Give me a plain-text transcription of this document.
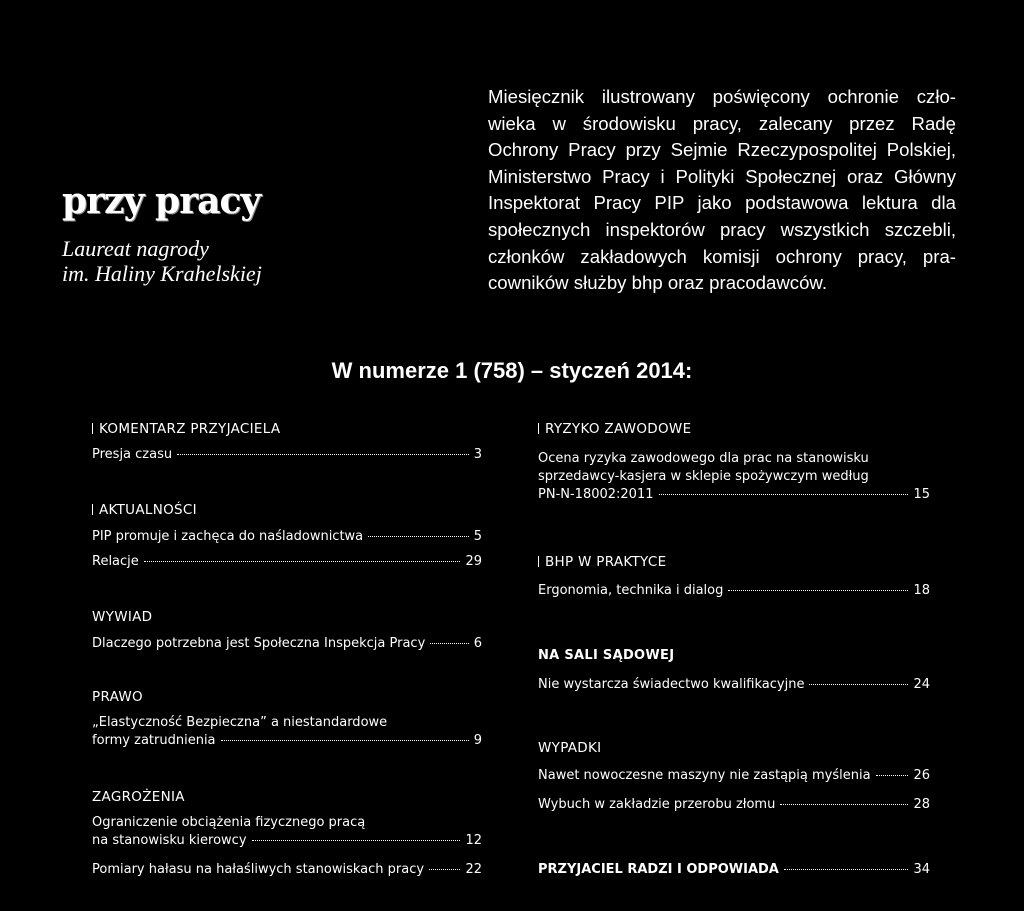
przy pracy
Laureat nagrody
im. Haliny Krahelskiej
Miesięcznik ilustrowany poświęcony ochronie czło-
wieka w środowisku pracy, zalecany przez Radę
Ochrony Pracy przy Sejmie Rzeczypospolitej Polskiej,
Ministerstwo Pracy i Polityki Społecznej oraz Główny
Inspektorat Pracy PIP jako podstawowa lektura dla
społecznych inspektorów pracy wszystkich szczebli,
członków zakładowych komisji ochrony pracy, pra-
cowników służby bhp oraz pracodawców.
W numerze 1 (758) – styczeń 2014:
KOMENTARZ PRZYJACIELA
Presja czasu	3
AKTUALNOŚCI
PIP promuje i zachęca do naśladownictwa	5
Relacje	29
WYWIAD
Dlaczego potrzebna jest Społeczna Inspekcja Pracy	6
PRAWO
„Elastyczność Bezpieczna” a niestandardowe
formy zatrudnienia	9
ZAGROŻENIA
Ograniczenie obciążenia fizycznego pracą
na stanowisku kierowcy	12
Pomiary hałasu na hałaśliwych stanowiskach pracy	22
RYZYKO ZAWODOWE
Ocena ryzyka zawodowego dla prac na stanowisku
sprzedawcy-kasjera w sklepie spożywczym według
PN-N-18002:2011	15
BHP W PRAKTYCE
Ergonomia, technika i dialog	18
NA SALI SĄDOWEJ
Nie wystarcza świadectwo kwalifikacyjne	24
WYPADKI
Nawet nowoczesne maszyny nie zastąpią myślenia	26
Wybuch w zakładzie przerobu złomu	28
PRZYJACIEL RADZI I ODPOWIADA	34
